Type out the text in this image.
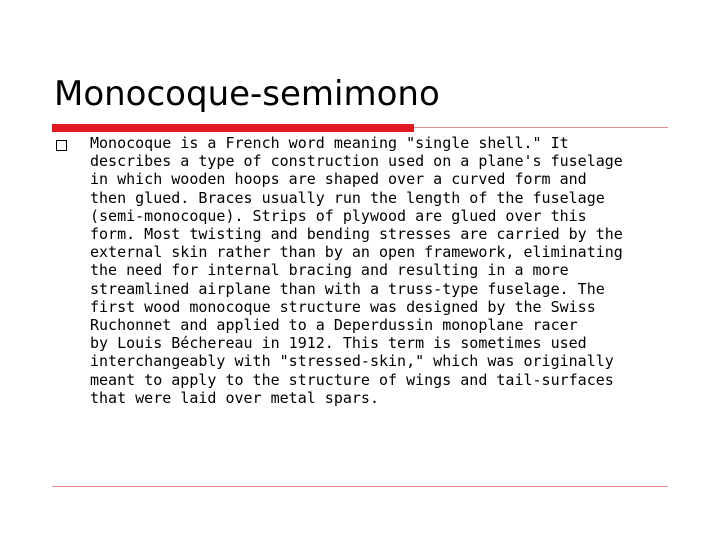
Monocoque-semimono
Monocoque is a French word meaning "single shell." It
describes a type of construction used on a plane's fuselage
in which wooden hoops are shaped over a curved form and
then glued. Braces usually run the length of the fuselage
(semi-monocoque). Strips of plywood are glued over this
form. Most twisting and bending stresses are carried by the
external skin rather than by an open framework, eliminating
the need for internal bracing and resulting in a more
streamlined airplane than with a truss-type fuselage. The
first wood monocoque structure was designed by the Swiss
Ruchonnet and applied to a Deperdussin monoplane racer
by Louis Béchereau in 1912. This term is sometimes used
interchangeably with "stressed-skin," which was originally
meant to apply to the structure of wings and tail-surfaces
that were laid over metal spars.
